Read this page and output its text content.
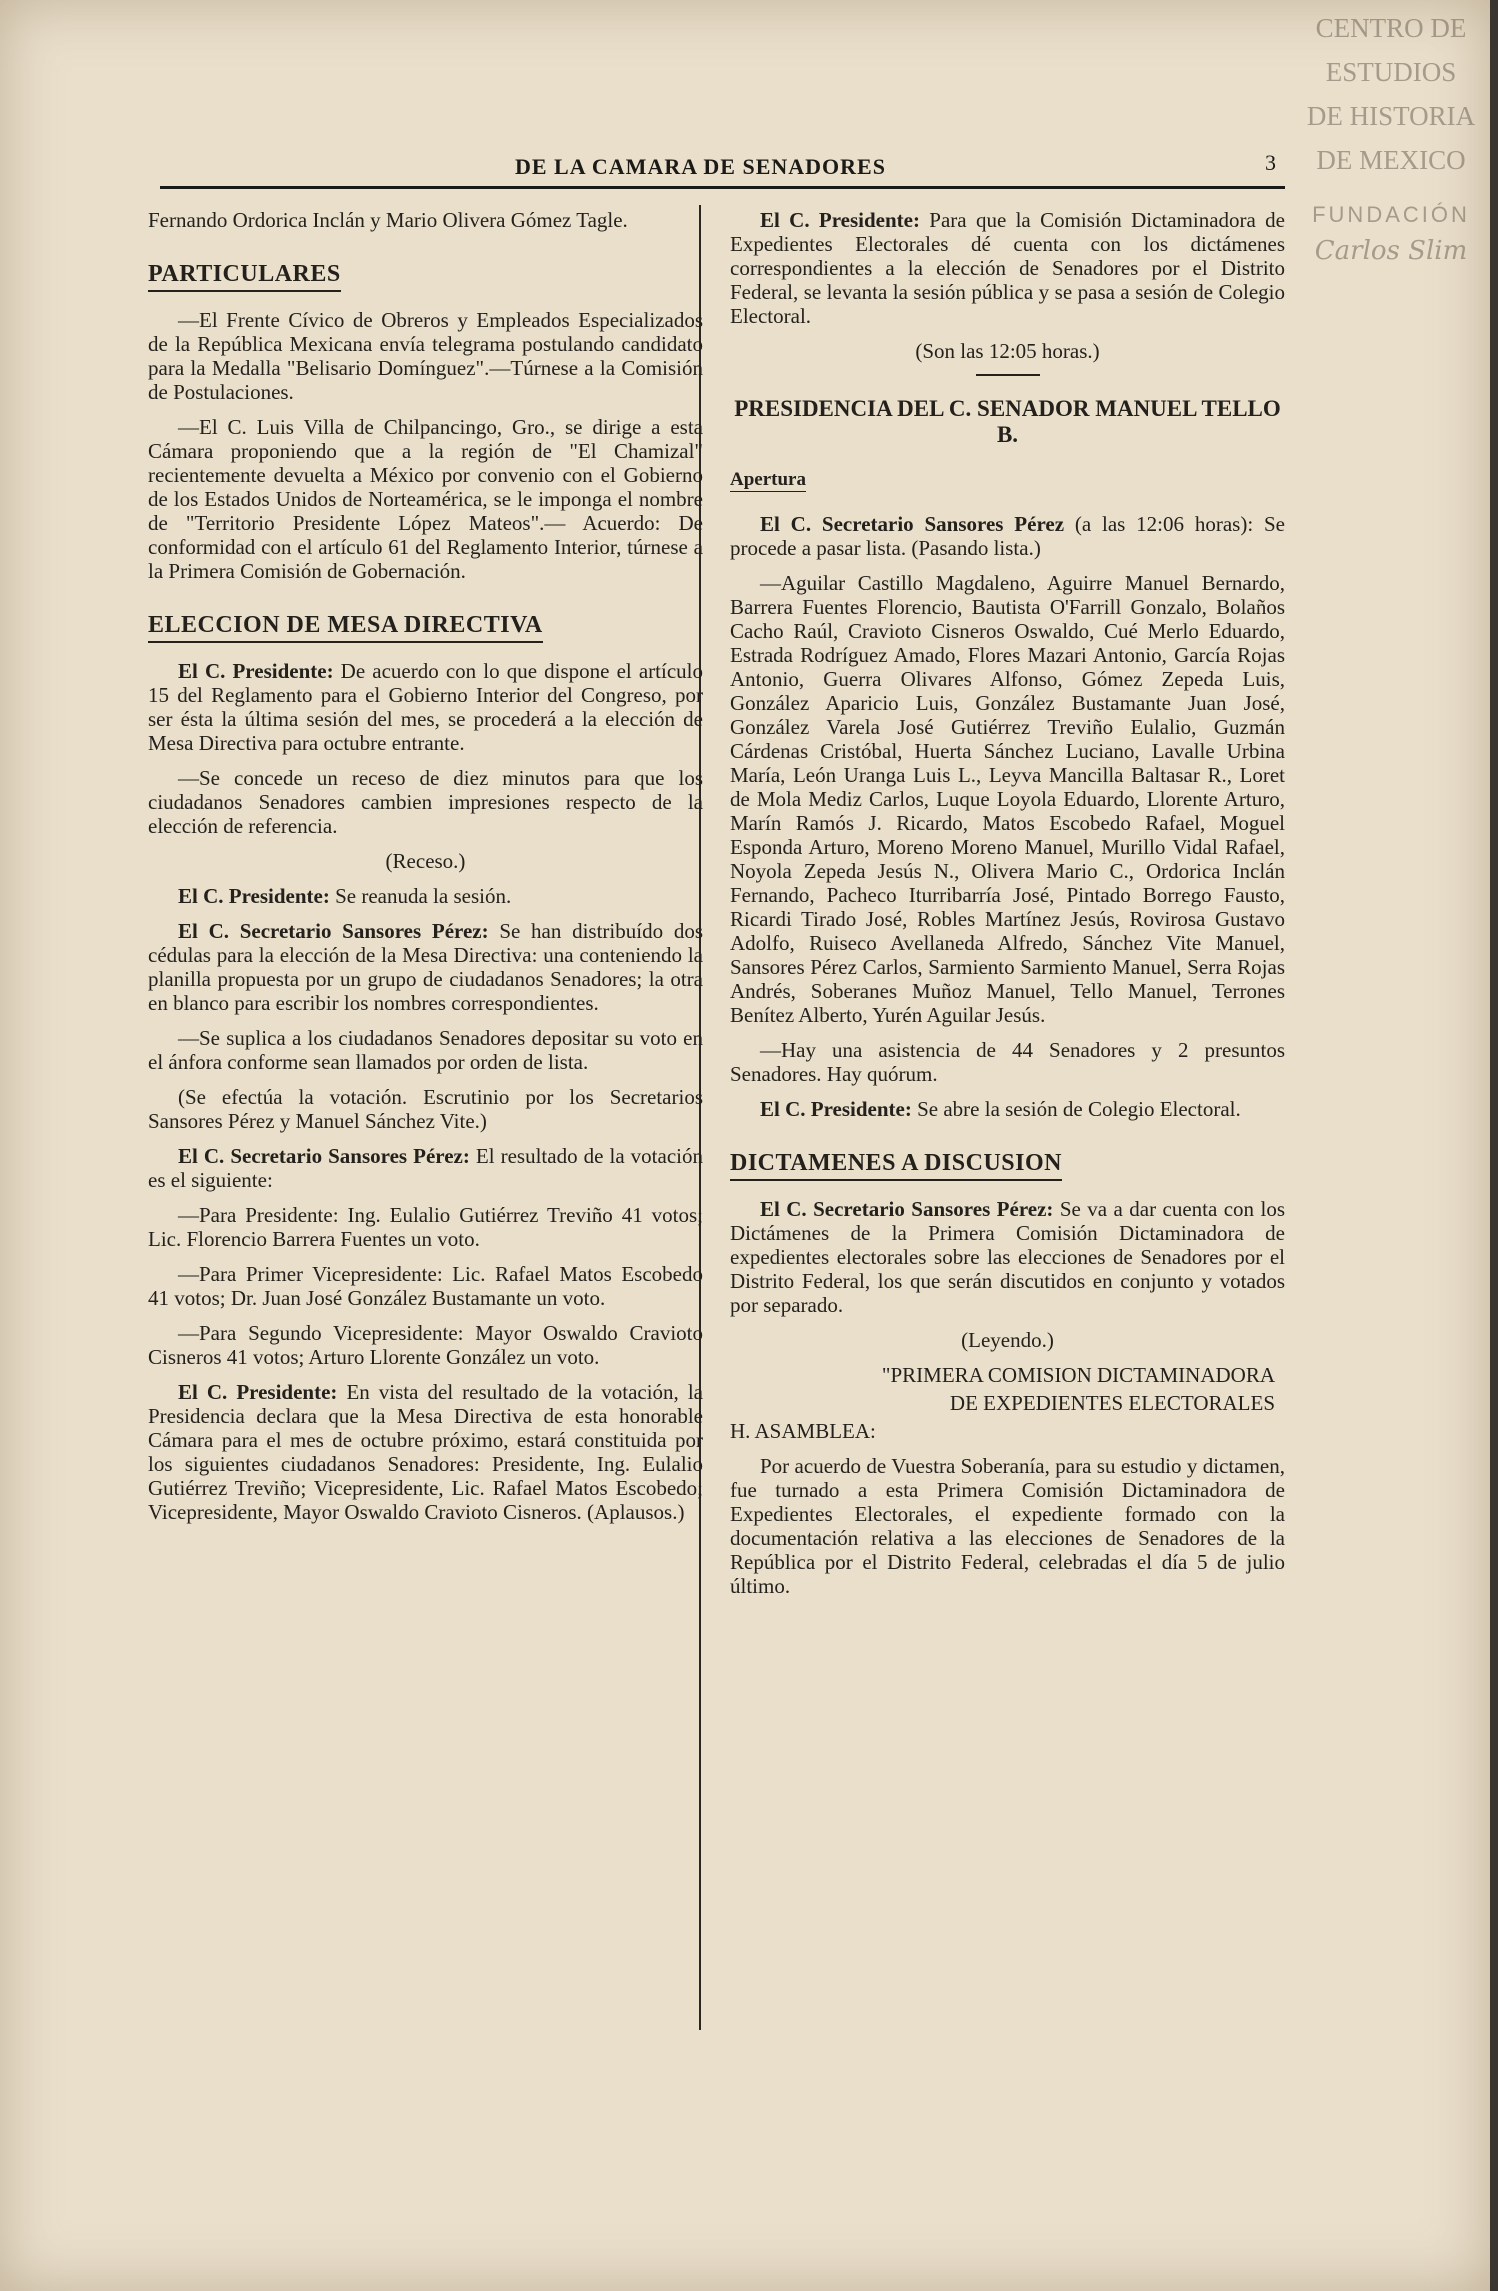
DE LA CAMARA DE SENADORES	3

Fernando Ordorica Inclán y Mario Olivera Gómez Tagle.

PARTICULARES

—El Frente Cívico de Obreros y Empleados Especializados de la República Mexicana envía telegrama postulando candidato para la Medalla "Belisario Domínguez".—Túrnese a la Comisión de Postulaciones.

—El C. Luis Villa de Chilpancingo, Gro., se dirige a esta Cámara proponiendo que a la región de "El Chamizal" recientemente devuelta a México por convenio con el Gobierno de los Estados Unidos de Norteamérica, se le imponga el nombre de "Territorio Presidente López Mateos".— Acuerdo: De conformidad con el artículo 61 del Reglamento Interior, túrnese a la Primera Comisión de Gobernación.

ELECCION DE MESA DIRECTIVA

El C. Presidente: De acuerdo con lo que dispone el artículo 15 del Reglamento para el Gobierno Interior del Congreso, por ser ésta la última sesión del mes, se procederá a la elección de Mesa Directiva para octubre entrante.

—Se concede un receso de diez minutos para que los ciudadanos Senadores cambien impresiones respecto de la elección de referencia.

(Receso.)

El C. Presidente: Se reanuda la sesión.

El C. Secretario Sansores Pérez: Se han distribuído dos cédulas para la elección de la Mesa Directiva: una conteniendo la planilla propuesta por un grupo de ciudadanos Senadores; la otra en blanco para escribir los nombres correspondientes.

—Se suplica a los ciudadanos Senadores depositar su voto en el ánfora conforme sean llamados por orden de lista.

(Se efectúa la votación. Escrutinio por los Secretarios Sansores Pérez y Manuel Sánchez Vite.)

El C. Secretario Sansores Pérez: El resultado de la votación es el siguiente:

—Para Presidente: Ing. Eulalio Gutiérrez Treviño 41 votos; Lic. Florencio Barrera Fuentes un voto.

—Para Primer Vicepresidente: Lic. Rafael Matos Escobedo 41 votos; Dr. Juan José González Bustamante un voto.

—Para Segundo Vicepresidente: Mayor Oswaldo Cravioto Cisneros 41 votos; Arturo Llorente González un voto.

El C. Presidente: En vista del resultado de la votación, la Presidencia declara que la Mesa Directiva de esta honorable Cámara para el mes de octubre próximo, estará constituida por los siguientes ciudadanos Senadores: Presidente, Ing. Eulalio Gutiérrez Treviño; Vicepresidente, Lic. Rafael Matos Escobedo; Vicepresidente, Mayor Oswaldo Cravioto Cisneros. (Aplausos.)

El C. Presidente: Para que la Comisión Dictaminadora de Expedientes Electorales dé cuenta con los dictámenes correspondientes a la elección de Senadores por el Distrito Federal, se levanta la sesión pública y se pasa a sesión de Colegio Electoral.

(Son las 12:05 horas.)

PRESIDENCIA DEL C. SENADOR MANUEL TELLO B.
Apertura

El C. Secretario Sansores Pérez (a las 12:06 horas): Se procede a pasar lista. (Pasando lista.)

—Aguilar Castillo Magdaleno, Aguirre Manuel Bernardo, Barrera Fuentes Florencio, Bautista O'Farrill Gonzalo, Bolaños Cacho Raúl, Cravioto Cisneros Oswaldo, Cué Merlo Eduardo, Estrada Rodríguez Amado, Flores Mazari Antonio, García Rojas Antonio, Guerra Olivares Alfonso, Gómez Zepeda Luis, González Aparicio Luis, González Bustamante Juan José, González Varela José Gutiérrez Treviño Eulalio, Guzmán Cárdenas Cristóbal, Huerta Sánchez Luciano, Lavalle Urbina María, León Uranga Luis L., Leyva Mancilla Baltasar R., Loret de Mola Mediz Carlos, Luque Loyola Eduardo, Llorente Arturo, Marín Ramós J. Ricardo, Matos Escobedo Rafael, Moguel Esponda Arturo, Moreno Moreno Manuel, Murillo Vidal Rafael, Noyola Zepeda Jesús N., Olivera Mario C., Ordorica Inclán Fernando, Pacheco Iturribarría José, Pintado Borrego Fausto, Ricardi Tirado José, Robles Martínez Jesús, Rovirosa Gustavo Adolfo, Ruiseco Avellaneda Alfredo, Sánchez Vite Manuel, Sansores Pérez Carlos, Sarmiento Sarmiento Manuel, Serra Rojas Andrés, Soberanes Muñoz Manuel, Tello Manuel, Terrones Benítez Alberto, Yurén Aguilar Jesús.

—Hay una asistencia de 44 Senadores y 2 presuntos Senadores. Hay quórum.

El C. Presidente: Se abre la sesión de Colegio Electoral.

DICTAMENES A DISCUSION

El C. Secretario Sansores Pérez: Se va a dar cuenta con los Dictámenes de la Primera Comisión Dictaminadora de expedientes electorales sobre las elecciones de Senadores por el Distrito Federal, los que serán discutidos en conjunto y votados por separado.

(Leyendo.)

"PRIMERA COMISION DICTAMINADORA

DE EXPEDIENTES ELECTORALES

H. ASAMBLEA:

Por acuerdo de Vuestra Soberanía, para su estudio y dictamen, fue turnado a esta Primera Comisión Dictaminadora de Expedientes Electorales, el expediente formado con la documentación relativa a las elecciones de Senadores de la República por el Distrito Federal, celebradas el día 5 de julio último.

CENTRO DE
ESTUDIOS
DE HISTORIA
DE MEXICO
FUNDACIÓN
Carlos Slim
